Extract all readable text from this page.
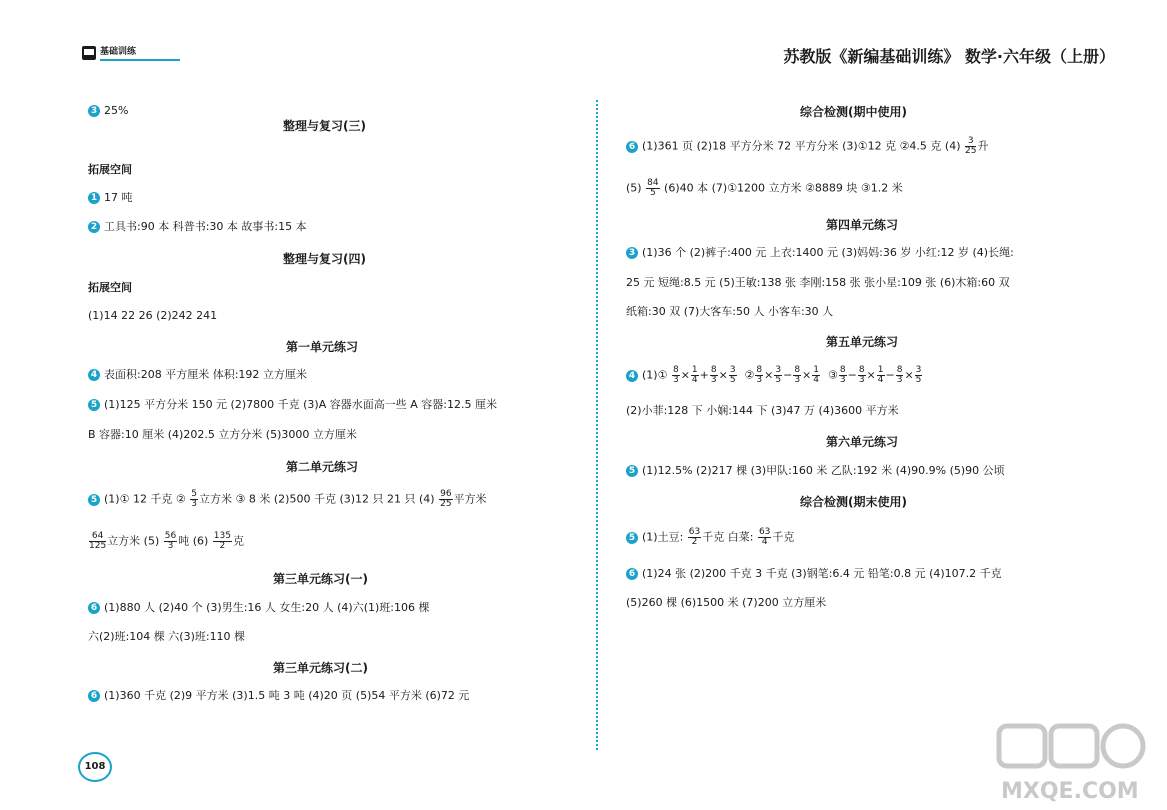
基础训练	苏教版《新编基础训练》 数学·六年级（上册）
3 25%
整理与复习(三)
拓展空间
1 17 吨
2 工具书:90 本 科普书:30 本 故事书:15 本
整理与复习(四)
拓展空间
(1)14 22 26 (2)242 241
第一单元练习
4 表面积:208 平方厘米 体积:192 立方厘米
5 (1)125 平方分米 150 元 (2)7800 千克 (3)A 容器水面高一些 A 容器:12.5 厘米
B 容器:10 厘米 (4)202.5 立方分米 (5)3000 立方厘米
第二单元练习
5 (1)① 12 千克 ② $\frac{5}{3}$ 立方米 ③ 8 米 (2)500 千克 (3)12 只 21 只 $(4) \frac{96}{25}$ 平方米
$\frac{64}{125}$ 立方米 $(5) \frac{56}{3}$ 吨 $(6) \frac{135}{2}$ 克
第三单元练习(一)
6 (1)880 人 (2)40 个 (3)男生:16 人 女生:20 人 (4)六(1)班:106 棵
六(2)班:104 棵 六(3)班:110 棵
第三单元练习(二)
6 (1)360 千克 (2)9 平方米 (3)1.5 吨 3 吨 (4)20 页 (5)54 平方米 (6)72 元
108
综合检测(期中使用)
6 (1)361 页 (2)18 平方分米 72 平方分米 (3)①12 克 ②4.5 克 $(4) \frac{3}{25}$ 升
$(5) \frac{84}{5} (6)40$ 本 (7)①1200 立方米 ②8889 块 ③1.2 米
第四单元练习
3 (1)36 个 (2)裤子:400 元 上衣:1400 元 (3)妈妈:36 岁 小红:12 岁 (4)长绳:
25 元 短绳:8.5 元 (5)王敏:138 张 李刚:158 张 张小星:109 张 (6)木箱:60 双
纸箱:30 双 (7)大客车:50 人 小客车:30 人
第五单元练习
4 (1)① $\frac{8}{3} \times \frac{1}{4} + \frac{8}{3} \times \frac{3}{5}$ ② $\frac{8}{3} \times \frac{3}{5} - \frac{8}{3} \times \frac{1}{4}$ ③ $\frac{8}{3} - \frac{8}{3} \times \frac{1}{4} - \frac{8}{3} \times \frac{3}{5}$
(2)小菲:128 下 小娴:144 下 (3)47 万 (4)3600 平方米
第六单元练习
5 (1)12.5% (2)217 棵 (3)甲队:160 米 乙队:192 米 (4)90.9% (5)90 公顷
综合检测(期末使用)
5 (1)土豆: $\frac{63}{2}$ 千克 白菜: $\frac{63}{4}$ 千克
6 (1)24 张 (2)200 千克 3 千克 (3)钢笔:6.4 元 铅笔:0.8 元 (4)107.2 千克
(5)260 棵 (6)1500 米 (7)200 立方厘米
MXQE.COM
